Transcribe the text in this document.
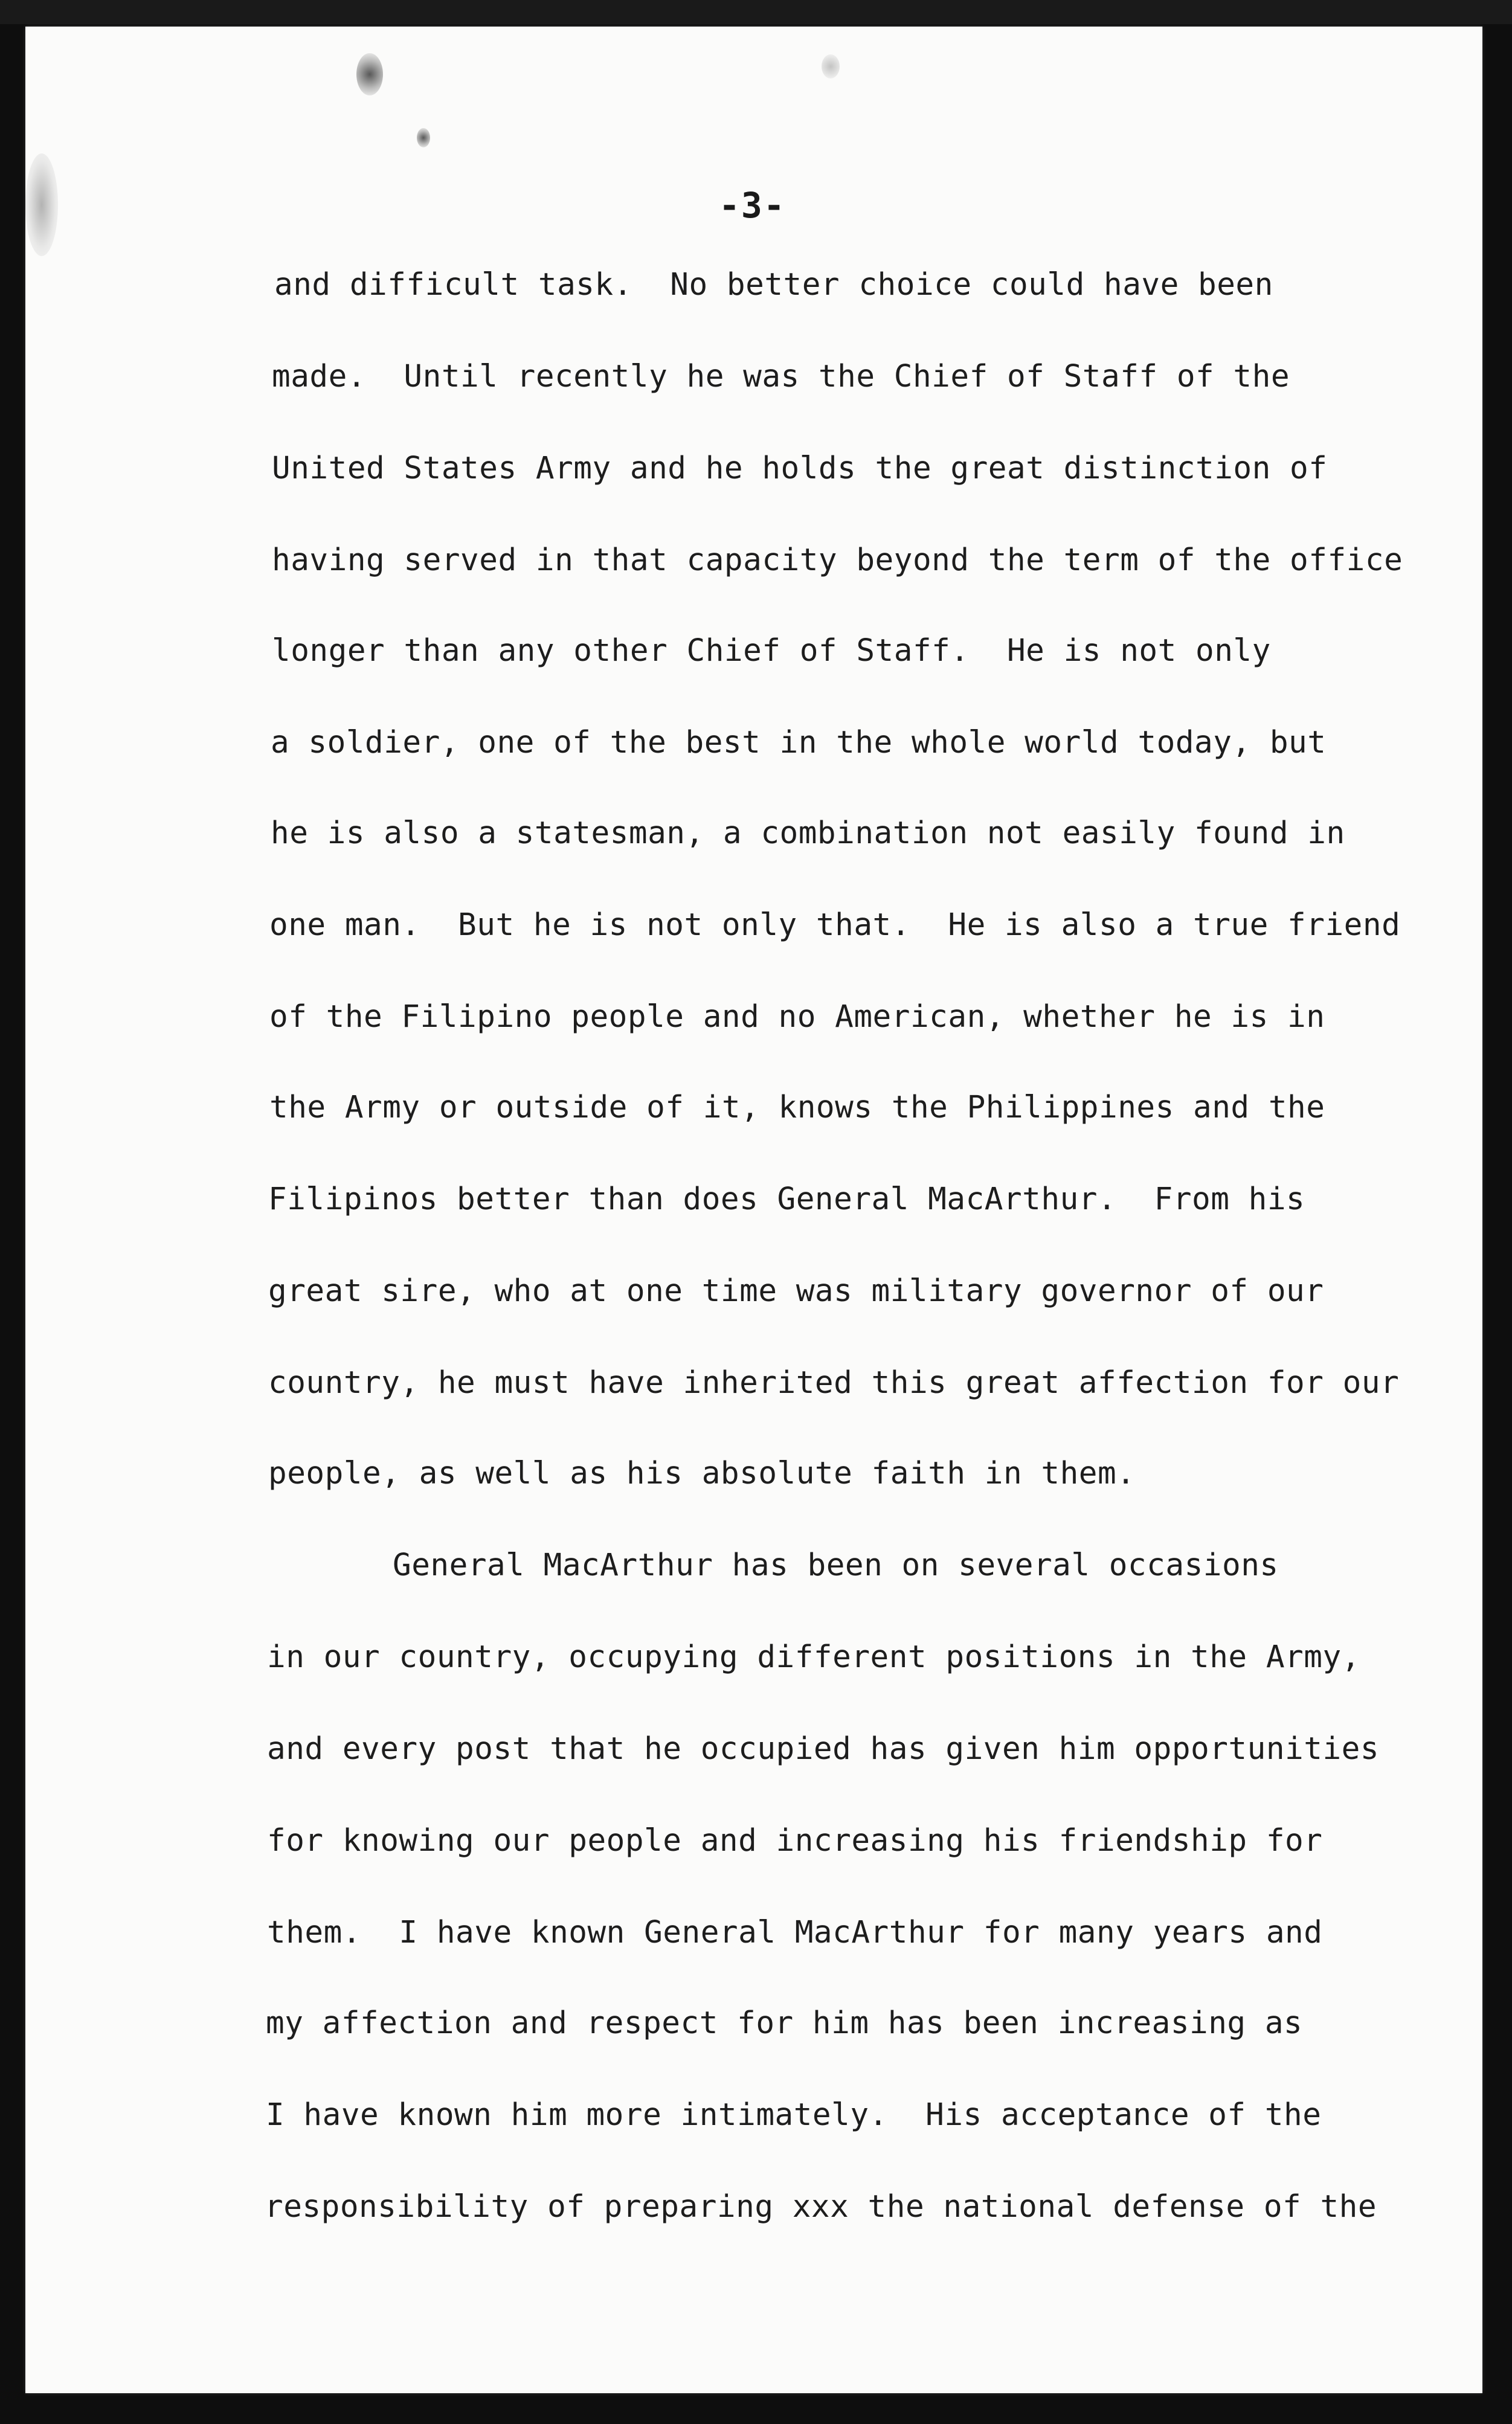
-3-
and difficult task.  No better choice could have been
made.  Until recently he was the Chief of Staff of the
United States Army and he holds the great distinction of
having served in that capacity beyond the term of the office
longer than any other Chief of Staff.  He is not only
a soldier, one of the best in the whole world today, but
he is also a statesman, a combination not easily found in
one man.  But he is not only that.  He is also a true friend
of the Filipino people and no American, whether he is in
the Army or outside of it, knows the Philippines and the
Filipinos better than does General MacArthur.  From his
great sire, who at one time was military governor of our
country, he must have inherited this great affection for our
people, as well as his absolute faith in them.
General MacArthur has been on several occasions
in our country, occupying different positions in the Army,
and every post that he occupied has given him opportunities
for knowing our people and increasing his friendship for
them.  I have known General MacArthur for many years and
my affection and respect for him has been increasing as
I have known him more intimately.  His acceptance of the
responsibility of preparing xxx the national defense of the
